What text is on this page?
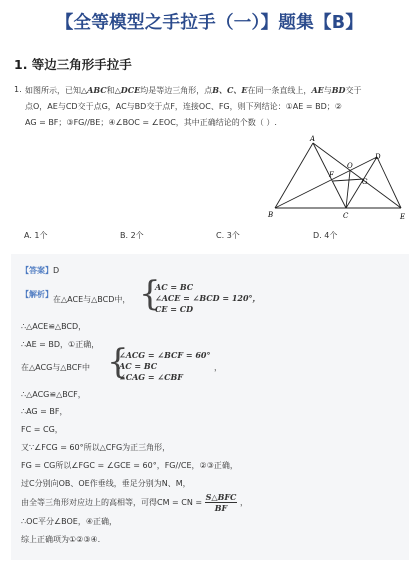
【全等模型之手拉手（一）】题集【B】
1. 等边三角形手拉手
1. 如图所示，已知△ABC和△DCE均是等边三角形，点B、C、E在同一条直线上，AE与BD交于
点O，AE与CD交于点G，AC与BD交于点F，连接OC、FG，则下列结论：①AE = BD；②
AG = BF；③FG//BE；④∠BOC = ∠EOC，其中正确结论的个数（ ）.
A
B	C
D
E
F
G
O
A. 1个	B. 2个	C. 3个	D. 4个
【答案】D
【解析】
在△ACE与△BCD中， {
AC = BC
∠ACE = ∠BCD = 120°，
CE = CD
∴△ACE≌△BCD，
∴AE = BD，①正确，
在△ACG与△BCF中 {
∠ACG = ∠BCF = 60°
AC = BC
∠CAG = ∠CBF
，
∴△ACG≌△BCF，
∴AG = BF，
FC = CG，
又∵∠FCG = 60°所以△CFG为正三角形，
FG = CG所以∠FGC = ∠GCE = 60°，FG//CE，②③正确，
过C分别向OB、OE作垂线，垂足分别为N、M，
由全等三角形对应边上的高相等，可得CM = CN = $\frac{\text{S△BFC}}{BF}$ ，
∴OC平分∠BOE，④正确，
综上正确项为①②③④.
